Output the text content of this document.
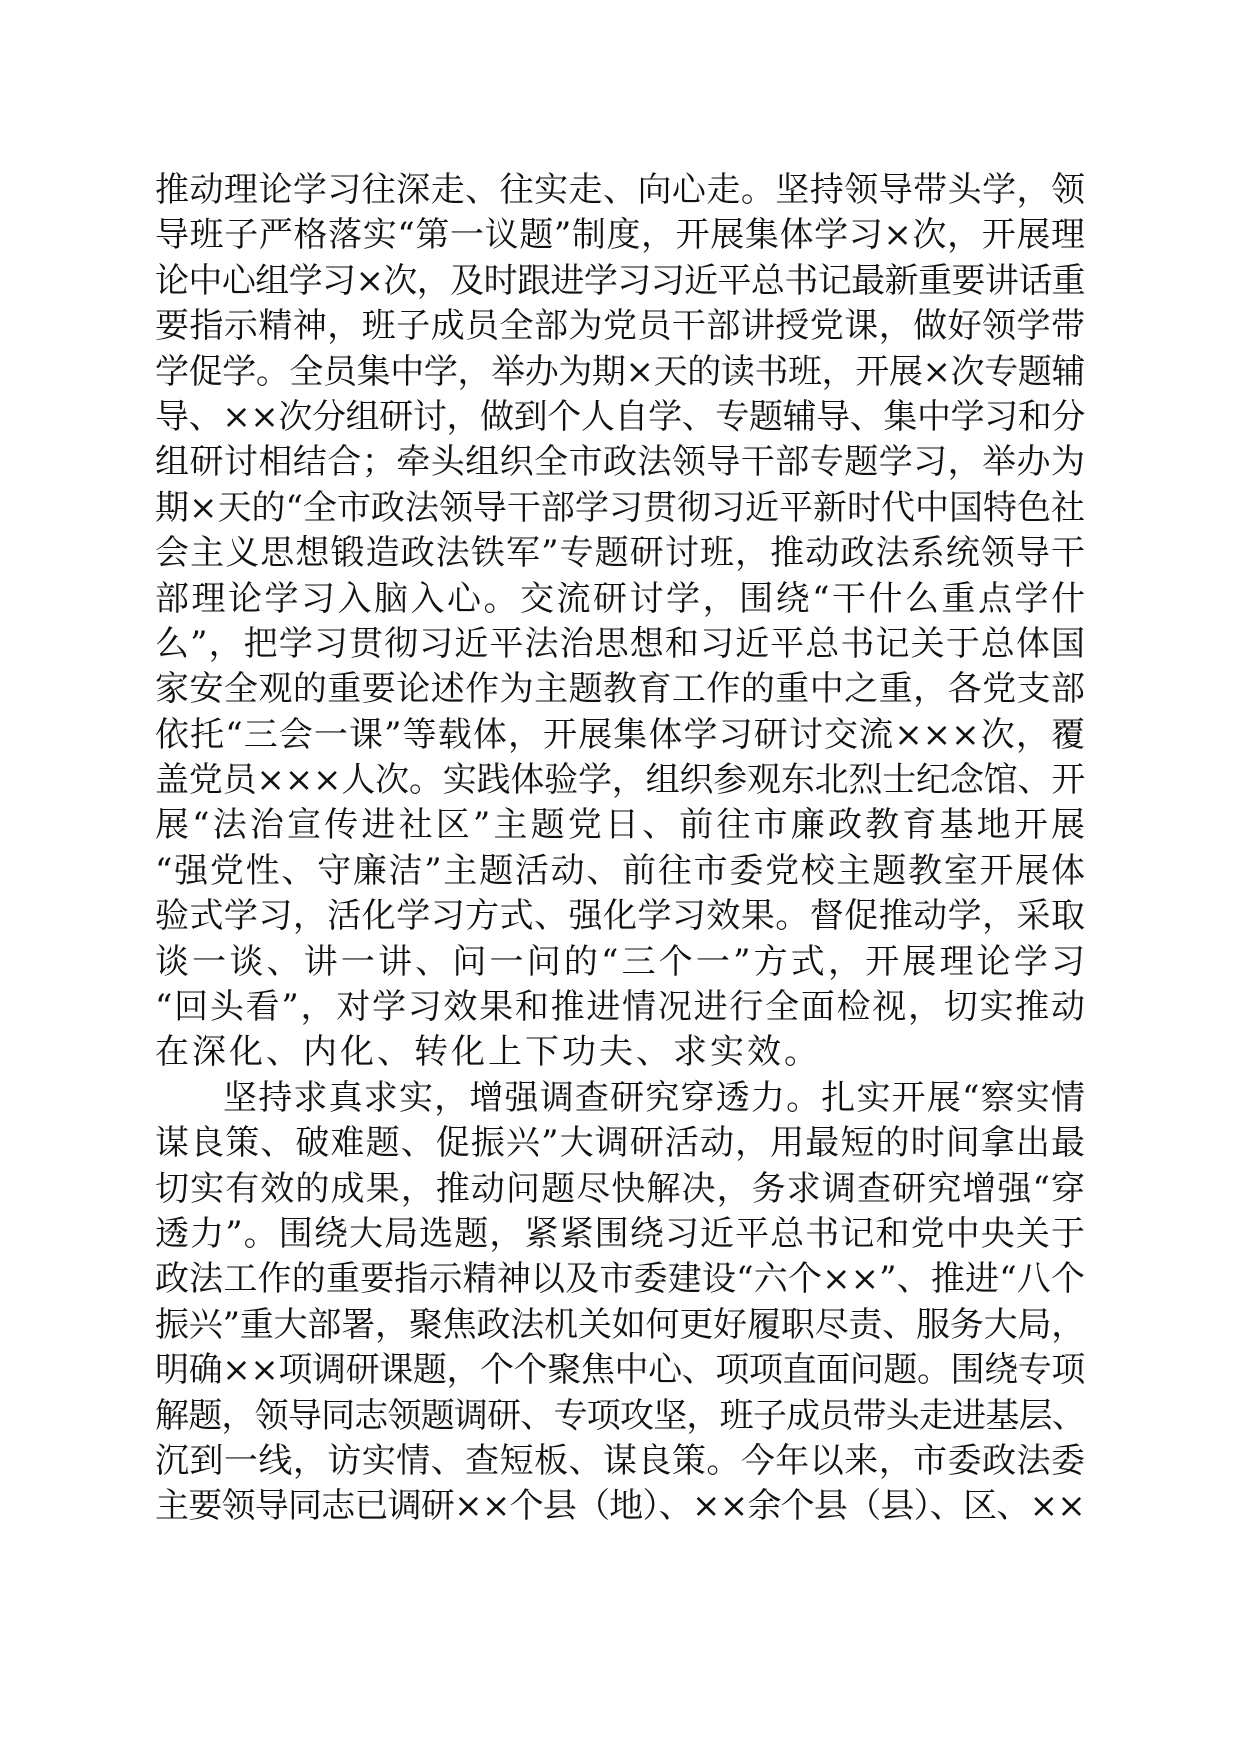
推动理论学习往深走、往实走、向心走。坚持领导带头学，领
导班子严格落实“第一议题”制度，开展集体学习×次，开展理
论中心组学习×次，及时跟进学习习近平总书记最新重要讲话重
要指示精神，班子成员全部为党员干部讲授党课，做好领学带
学促学。全员集中学，举办为期×天的读书班，开展×次专题辅
导、××次分组研讨，做到个人自学、专题辅导、集中学习和分
组研讨相结合；牵头组织全市政法领导干部专题学习，举办为
期×天的“全市政法领导干部学习贯彻习近平新时代中国特色社
会主义思想锻造政法铁军”专题研讨班，推动政法系统领导干
部理论学习入脑入心。交流研讨学，围绕“干什么重点学什
么”，把学习贯彻习近平法治思想和习近平总书记关于总体国
家安全观的重要论述作为主题教育工作的重中之重，各党支部
依托“三会一课”等载体，开展集体学习研讨交流×××次，覆
盖党员×××人次。实践体验学，组织参观东北烈士纪念馆、开
展“法治宣传进社区”主题党日、前往市廉政教育基地开展
“强党性、守廉洁”主题活动、前往市委党校主题教室开展体
验式学习，活化学习方式、强化学习效果。督促推动学，采取
谈一谈、讲一讲、问一问的“三个一”方式，开展理论学习
“回头看”，对学习效果和推进情况进行全面检视，切实推动
在深化、内化、转化上下功夫、求实效。
坚持求真求实，增强调查研究穿透力。扎实开展“察实情
谋良策、破难题、促振兴”大调研活动，用最短的时间拿出最
切实有效的成果，推动问题尽快解决，务求调查研究增强“穿
透力”。围绕大局选题，紧紧围绕习近平总书记和党中央关于
政法工作的重要指示精神以及市委建设“六个××”、推进“八个
振兴”重大部署，聚焦政法机关如何更好履职尽责、服务大局，
明确××项调研课题，个个聚焦中心、项项直面问题。围绕专项
解题，领导同志领题调研、专项攻坚，班子成员带头走进基层、
沉到一线，访实情、查短板、谋良策。今年以来，市委政法委
主要领导同志已调研××个县（地）、××余个县（县）、区、××
